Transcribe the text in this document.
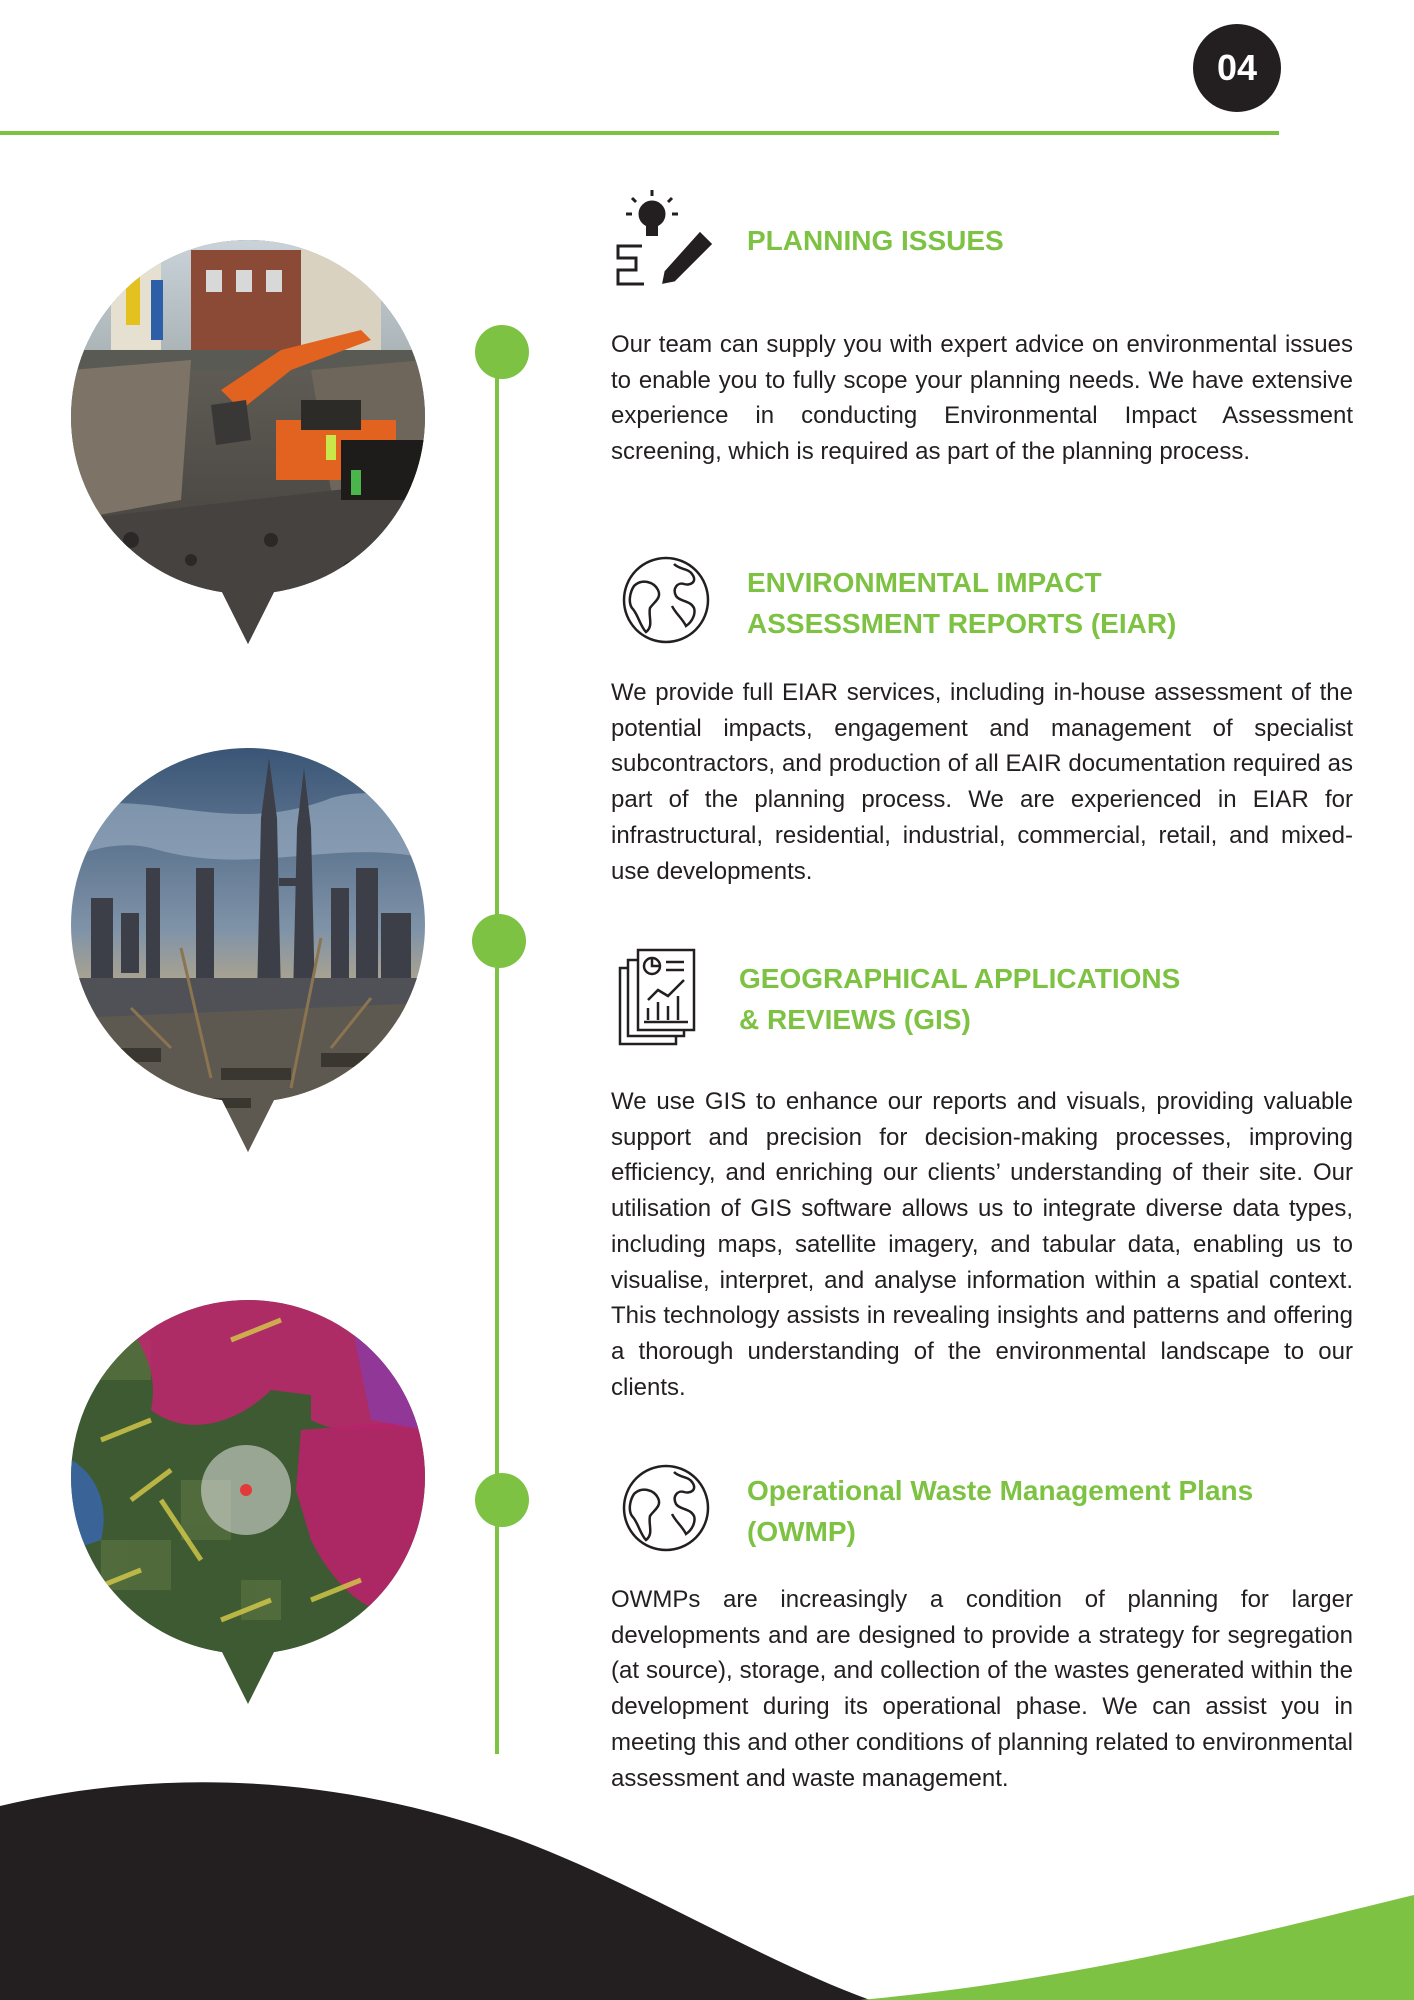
04
PLANNING ISSUES

Our team can supply you with expert advice on environmental issues to enable you to fully scope your planning needs. We have extensive experience in conducting Environmental Impact Assessment screening, which is required as part of the planning process.

ENVIRONMENTAL IMPACT
ASSESSMENT REPORTS (EIAR)

We provide full EIAR services, including in-house assessment of the potential impacts, engagement and management of specialist subcontractors, and production of all EAIR documentation required as part of the planning process. We are experienced in EIAR for infrastructural, residential, industrial, commercial, retail, and mixed-use developments.

GEOGRAPHICAL APPLICATIONS
& REVIEWS (GIS)

We use GIS to enhance our reports and visuals, providing valuable support and precision for decision-making processes, improving efficiency, and enriching our clients’ understanding of their site. Our utilisation of GIS software allows us to integrate diverse data types, including maps, satellite imagery, and tabular data, enabling us to visualise, interpret, and analyse information within a spatial context. This technology assists in revealing insights and patterns and offering a thorough understanding of the environmental landscape to our clients.

Operational Waste Management Plans
(OWMP)

OWMPs are increasingly a condition of planning for larger developments and are designed to provide a strategy for segregation (at source), storage, and collection of the wastes generated within the development during its operational phase. We can assist you in meeting this and other conditions of planning related to environmental assessment and waste management.
